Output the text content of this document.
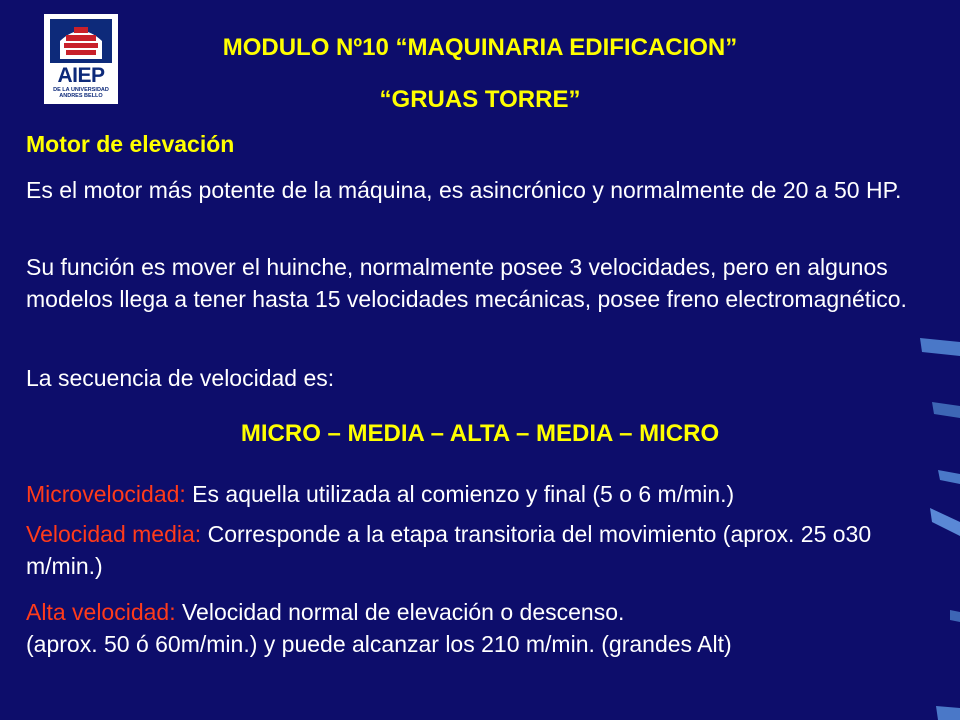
AIEP
DE LA UNIVERSIDAD
ANDRES BELLO
MODULO Nº10 “MAQUINARIA EDIFICACION”
“GRUAS TORRE”
Motor de elevación
Es el motor más potente de la máquina, es asincrónico y normalmente de 20 a 50 HP.
Su función es mover el huinche, normalmente posee 3 velocidades, pero en algunos modelos llega a tener hasta 15 velocidades mecánicas, posee freno electromagnético.
La secuencia de velocidad es:
MICRO – MEDIA – ALTA – MEDIA – MICRO
Microvelocidad: Es aquella utilizada al comienzo y final (5 o 6 m/min.)
Velocidad media: Corresponde a la etapa transitoria del movimiento (aprox. 25 o30 m/min.)
Alta velocidad: Velocidad normal de elevación o descenso.
(aprox. 50 ó 60m/min.) y puede alcanzar los 210 m/min. (grandes Alt)
